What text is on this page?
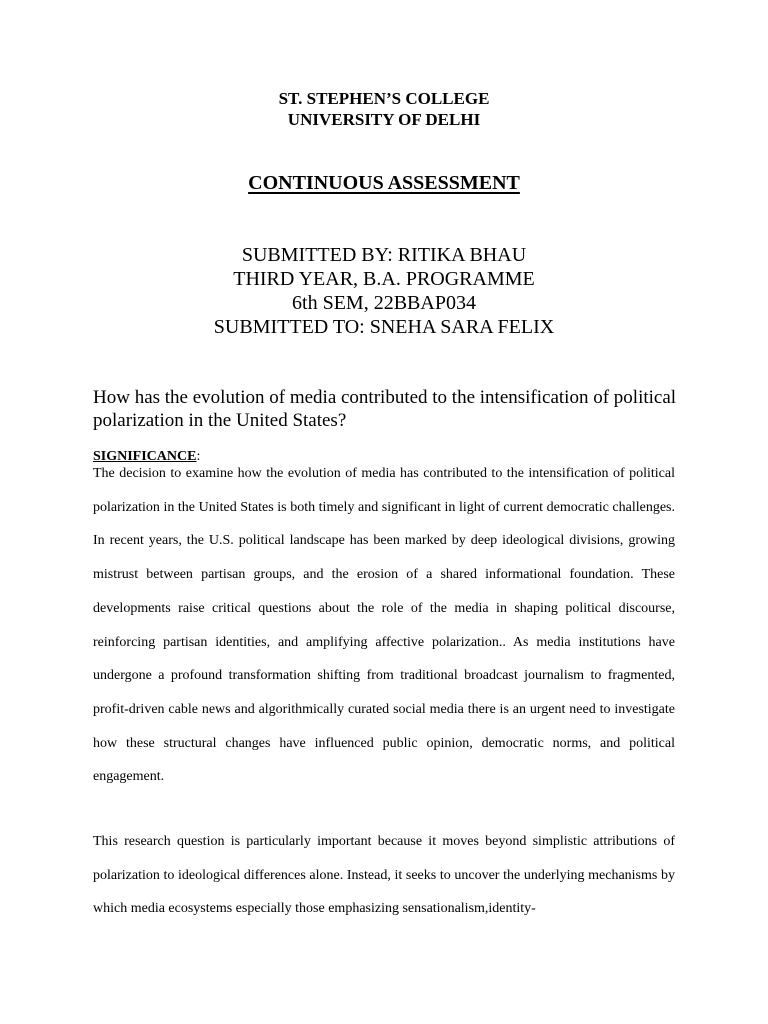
ST. STEPHEN’S COLLEGE
UNIVERSITY OF DELHI
CONTINUOUS ASSESSMENT
SUBMITTED BY: RITIKA BHAU
THIRD YEAR, B.A. PROGRAMME
6th SEM, 22BBAP034
SUBMITTED TO: SNEHA SARA FELIX
How has the evolution of media contributed to the intensification of political polarization in the United States?
SIGNIFICANCE:

The decision to examine how the evolution of media has contributed to the intensification of political polarization in the United States is both timely and significant in light of current democratic challenges. In recent years, the U.S. political landscape has been marked by deep ideological divisions, growing mistrust between partisan groups, and the erosion of a shared informational foundation. These developments raise critical questions about the role of the media in shaping political discourse, reinforcing partisan identities, and amplifying affective polarization.. As media institutions have undergone a profound transformation shifting from traditional broadcast journalism to fragmented, profit-driven cable news and algorithmically curated social media there is an urgent need to investigate how these structural changes have influenced public opinion, democratic norms, and political engagement.

This research question is particularly important because it moves beyond simplistic attributions of polarization to ideological differences alone. Instead, it seeks to uncover the underlying mechanisms by which media ecosystems especially those emphasizing sensationalism,identity-
